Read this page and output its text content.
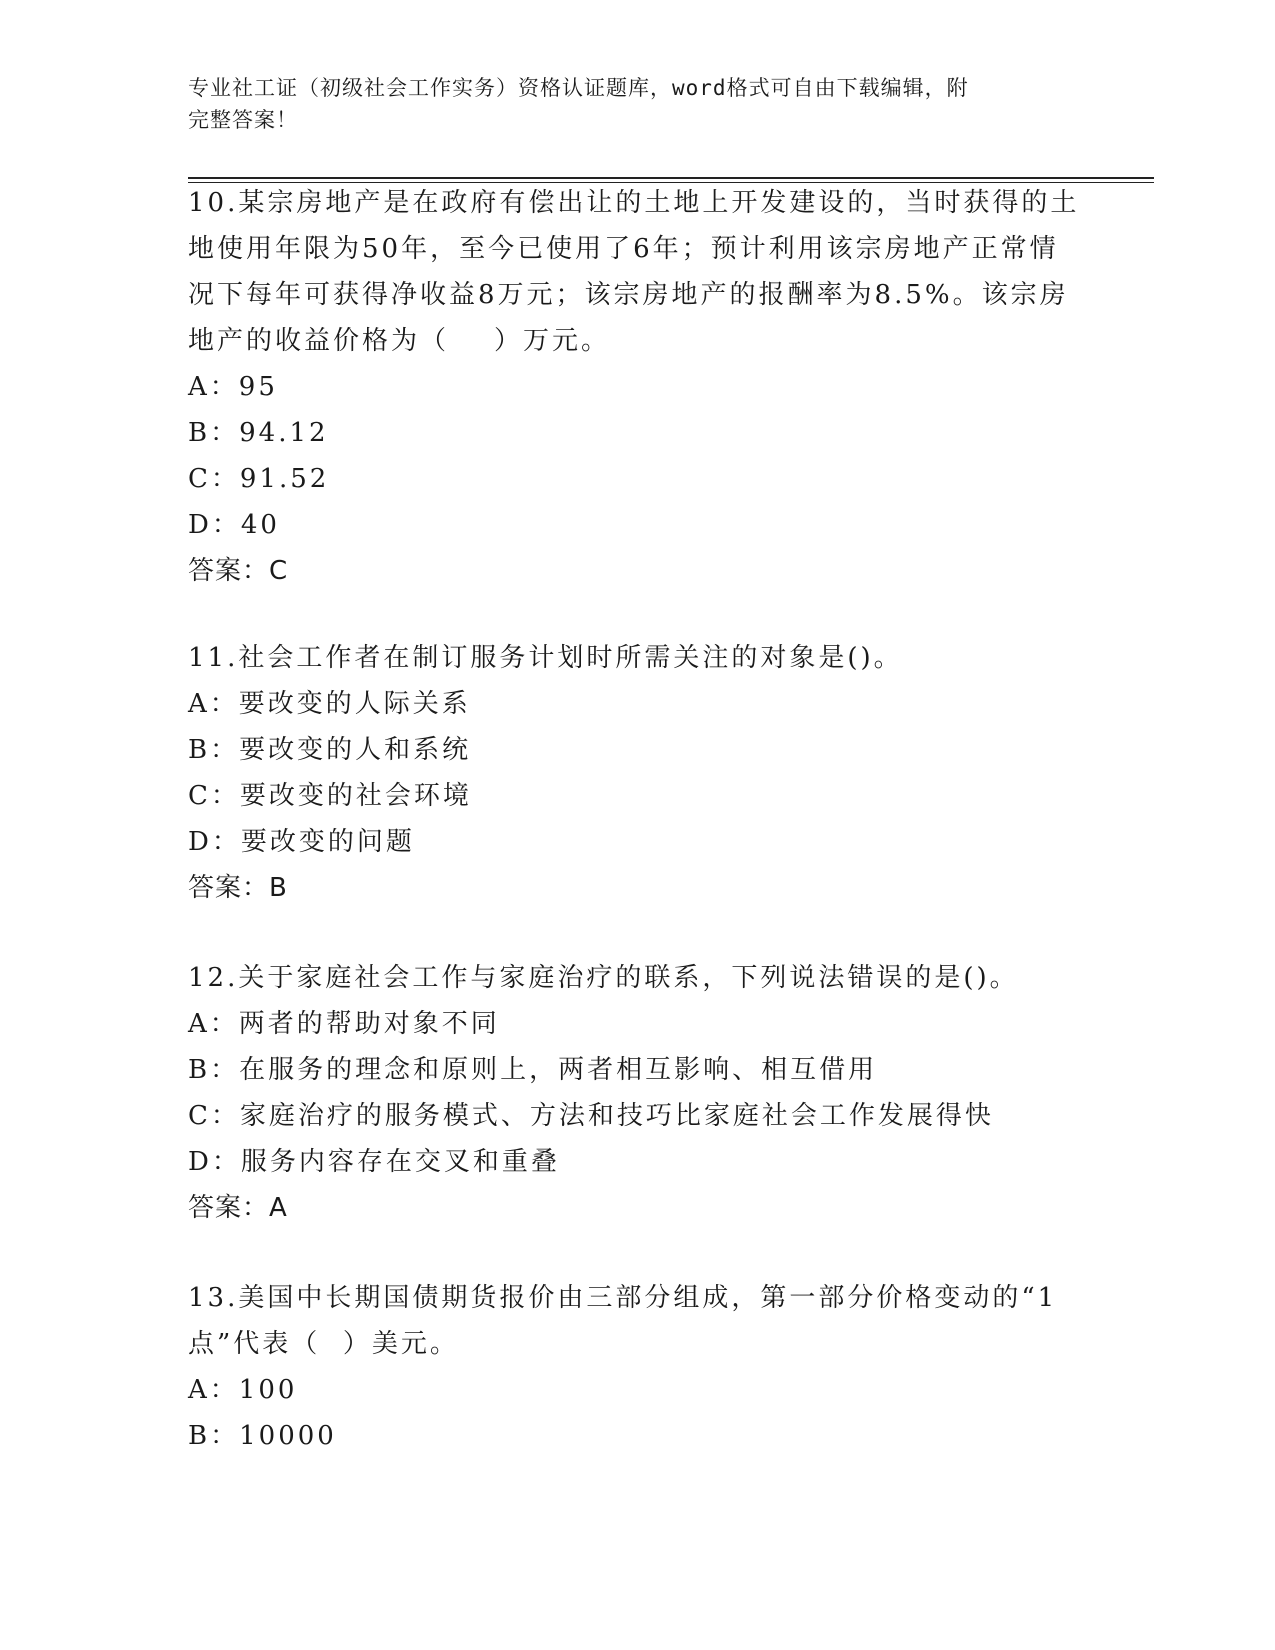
专业社工证（初级社会工作实务）资格认证题库，word格式可自由下载编辑，附
完整答案！
10.某宗房地产是在政府有偿出让的土地上开发建设的，当时获得的土
地使用年限为50年，至今已使用了6年；预计利用该宗房地产正常情
况下每年可获得净收益8万元；该宗房地产的报酬率为8.5%。该宗房
地产的收益价格为（    ）万元。
A：95
B：94.12
C：91.52
D：40
答案：C
11.社会工作者在制订服务计划时所需关注的对象是()。
A：要改变的人际关系
B：要改变的人和系统
C：要改变的社会环境
D：要改变的问题
答案：B
12.关于家庭社会工作与家庭治疗的联系，下列说法错误的是()。
A：两者的帮助对象不同
B：在服务的理念和原则上，两者相互影响、相互借用
C：家庭治疗的服务模式、方法和技巧比家庭社会工作发展得快
D：服务内容存在交叉和重叠
答案：A
13.美国中长期国债期货报价由三部分组成，第一部分价格变动的“1
点”代表（  ）美元。
A：100
B：10000
